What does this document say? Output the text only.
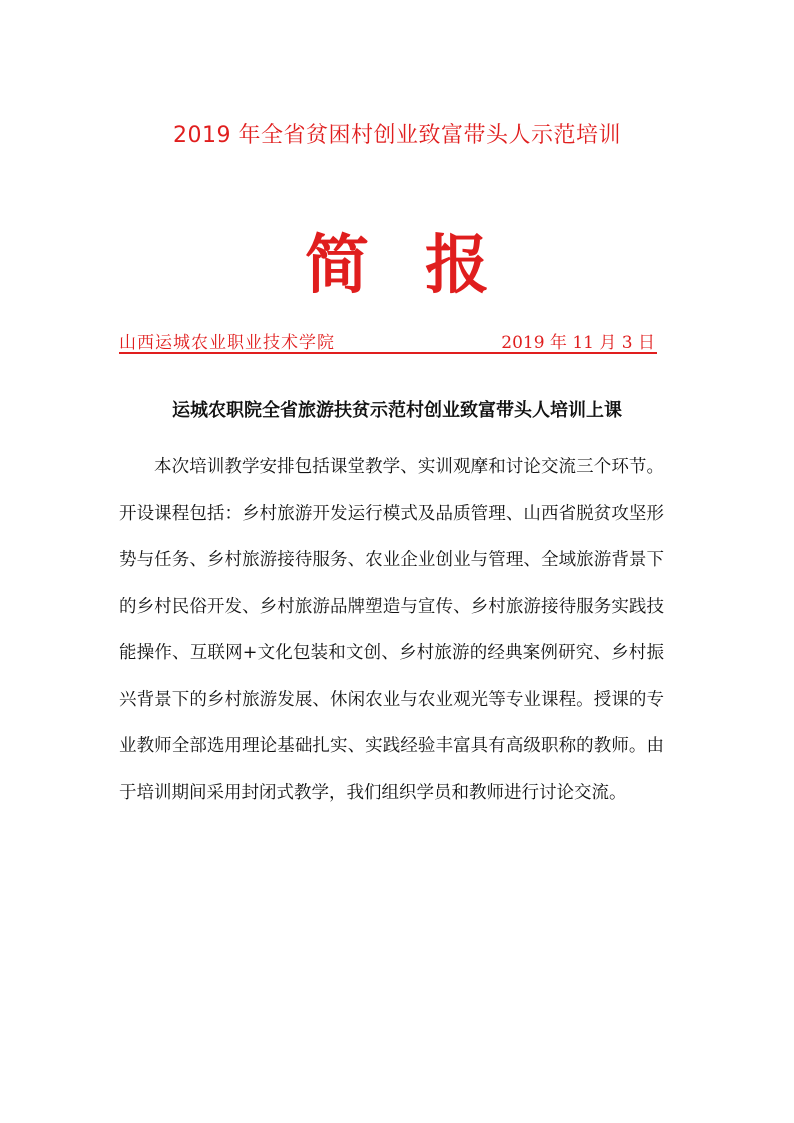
2019 年全省贫困村创业致富带头人示范培训
简报
山西运城农业职业技术学院	2019 年 11 月 3 日
运城农职院全省旅游扶贫示范村创业致富带头人培训上课

本次培训教学安排包括课堂教学、实训观摩和讨论交流三个环节。开设课程包括：乡村旅游开发运行模式及品质管理、山西省脱贫攻坚形势与任务、乡村旅游接待服务、农业企业创业与管理、全域旅游背景下的乡村民俗开发、乡村旅游品牌塑造与宣传、乡村旅游接待服务实践技能操作、互联网+文化包装和文创、乡村旅游的经典案例研究、乡村振兴背景下的乡村旅游发展、休闲农业与农业观光等专业课程。授课的专业教师全部选用理论基础扎实、实践经验丰富具有高级职称的教师。由于培训期间采用封闭式教学，我们组织学员和教师进行讨论交流。
